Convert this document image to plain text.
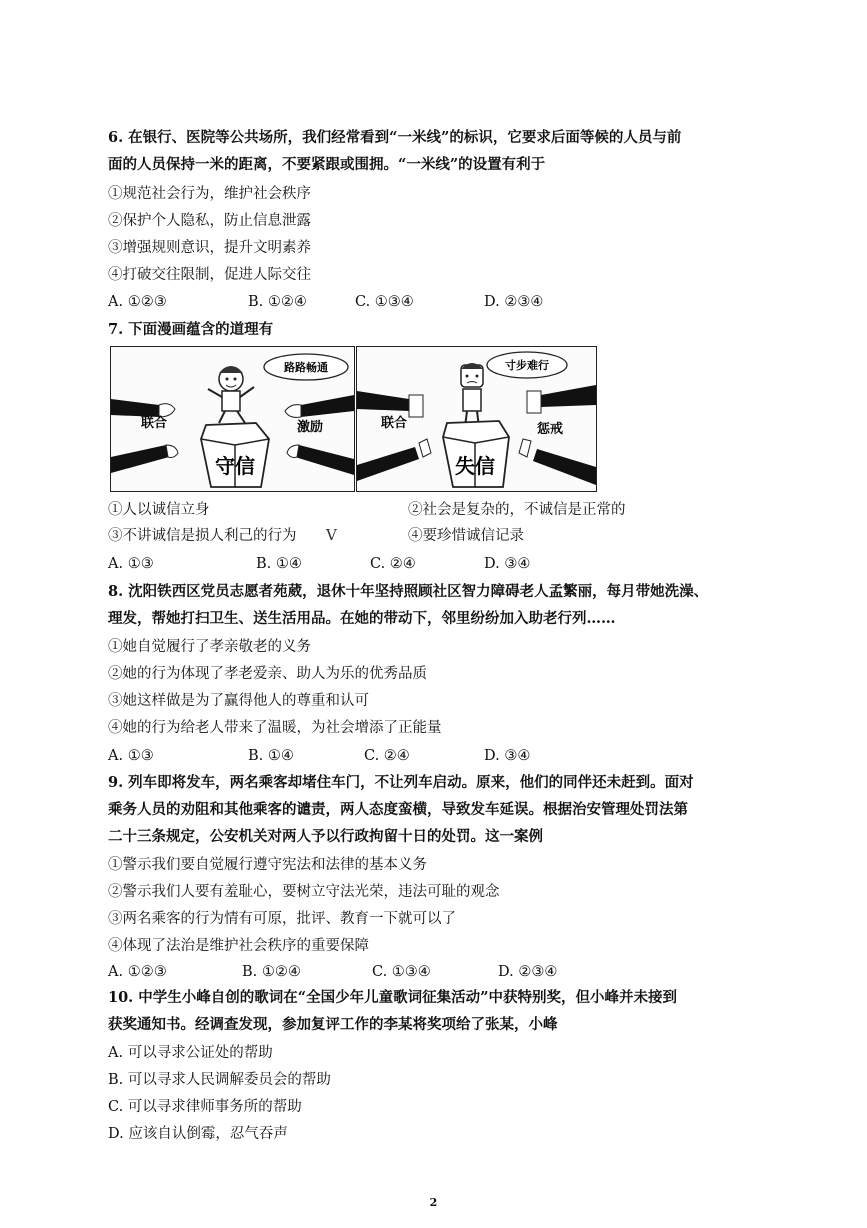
6. 在银行、医院等公共场所，我们经常看到“一米线”的标识，它要求后面等候的人员与前
面的人员保持一米的距离，不要紧跟或围拥。“一米线”的设置有利于
①规范社会行为，维护社会秩序
②保护个人隐私，防止信息泄露
③增强规则意识，提升文明素养
④打破交往限制，促进人际交往
A. ①②③	B. ①②④	C. ①③④	D. ②③④
7. 下面漫画蕴含的道理有
路路畅通
联合	激励
守信
寸步难行
联合	惩戒
失信
①人以诚信立身	②社会是复杂的，不诚信是正常的
③不讲诚信是损人利己的行为	④要珍惜诚信记录
V
A. ①③	B. ①④	C. ②④	D. ③④
8. 沈阳铁西区党员志愿者苑葳，退休十年坚持照顾社区智力障碍老人孟繁丽，每月带她洗澡、
理发，帮她打扫卫生、送生活用品。在她的带动下，邻里纷纷加入助老行列……
①她自觉履行了孝亲敬老的义务
②她的行为体现了孝老爱亲、助人为乐的优秀品质
③她这样做是为了赢得他人的尊重和认可
④她的行为给老人带来了温暖，为社会增添了正能量
A. ①③	B. ①④	C. ②④	D. ③④
9. 列车即将发车，两名乘客却堵住车门，不让列车启动。原来，他们的同伴还未赶到。面对
乘务人员的劝阻和其他乘客的谴责，两人态度蛮横，导致发车延误。根据治安管理处罚法第
二十三条规定，公安机关对两人予以行政拘留十日的处罚。这一案例
①警示我们要自觉履行遵守宪法和法律的基本义务
②警示我们人要有羞耻心，要树立守法光荣，违法可耻的观念
③两名乘客的行为情有可原，批评、教育一下就可以了
④体现了法治是维护社会秩序的重要保障
A. ①②③	B. ①②④	C. ①③④	D. ②③④
10. 中学生小峰自创的歌词在“全国少年儿童歌词征集活动”中获特别奖，但小峰并未接到
获奖通知书。经调查发现，参加复评工作的李某将奖项给了张某，小峰
A. 可以寻求公证处的帮助
B. 可以寻求人民调解委员会的帮助
C. 可以寻求律师事务所的帮助
D. 应该自认倒霉，忍气吞声
2
